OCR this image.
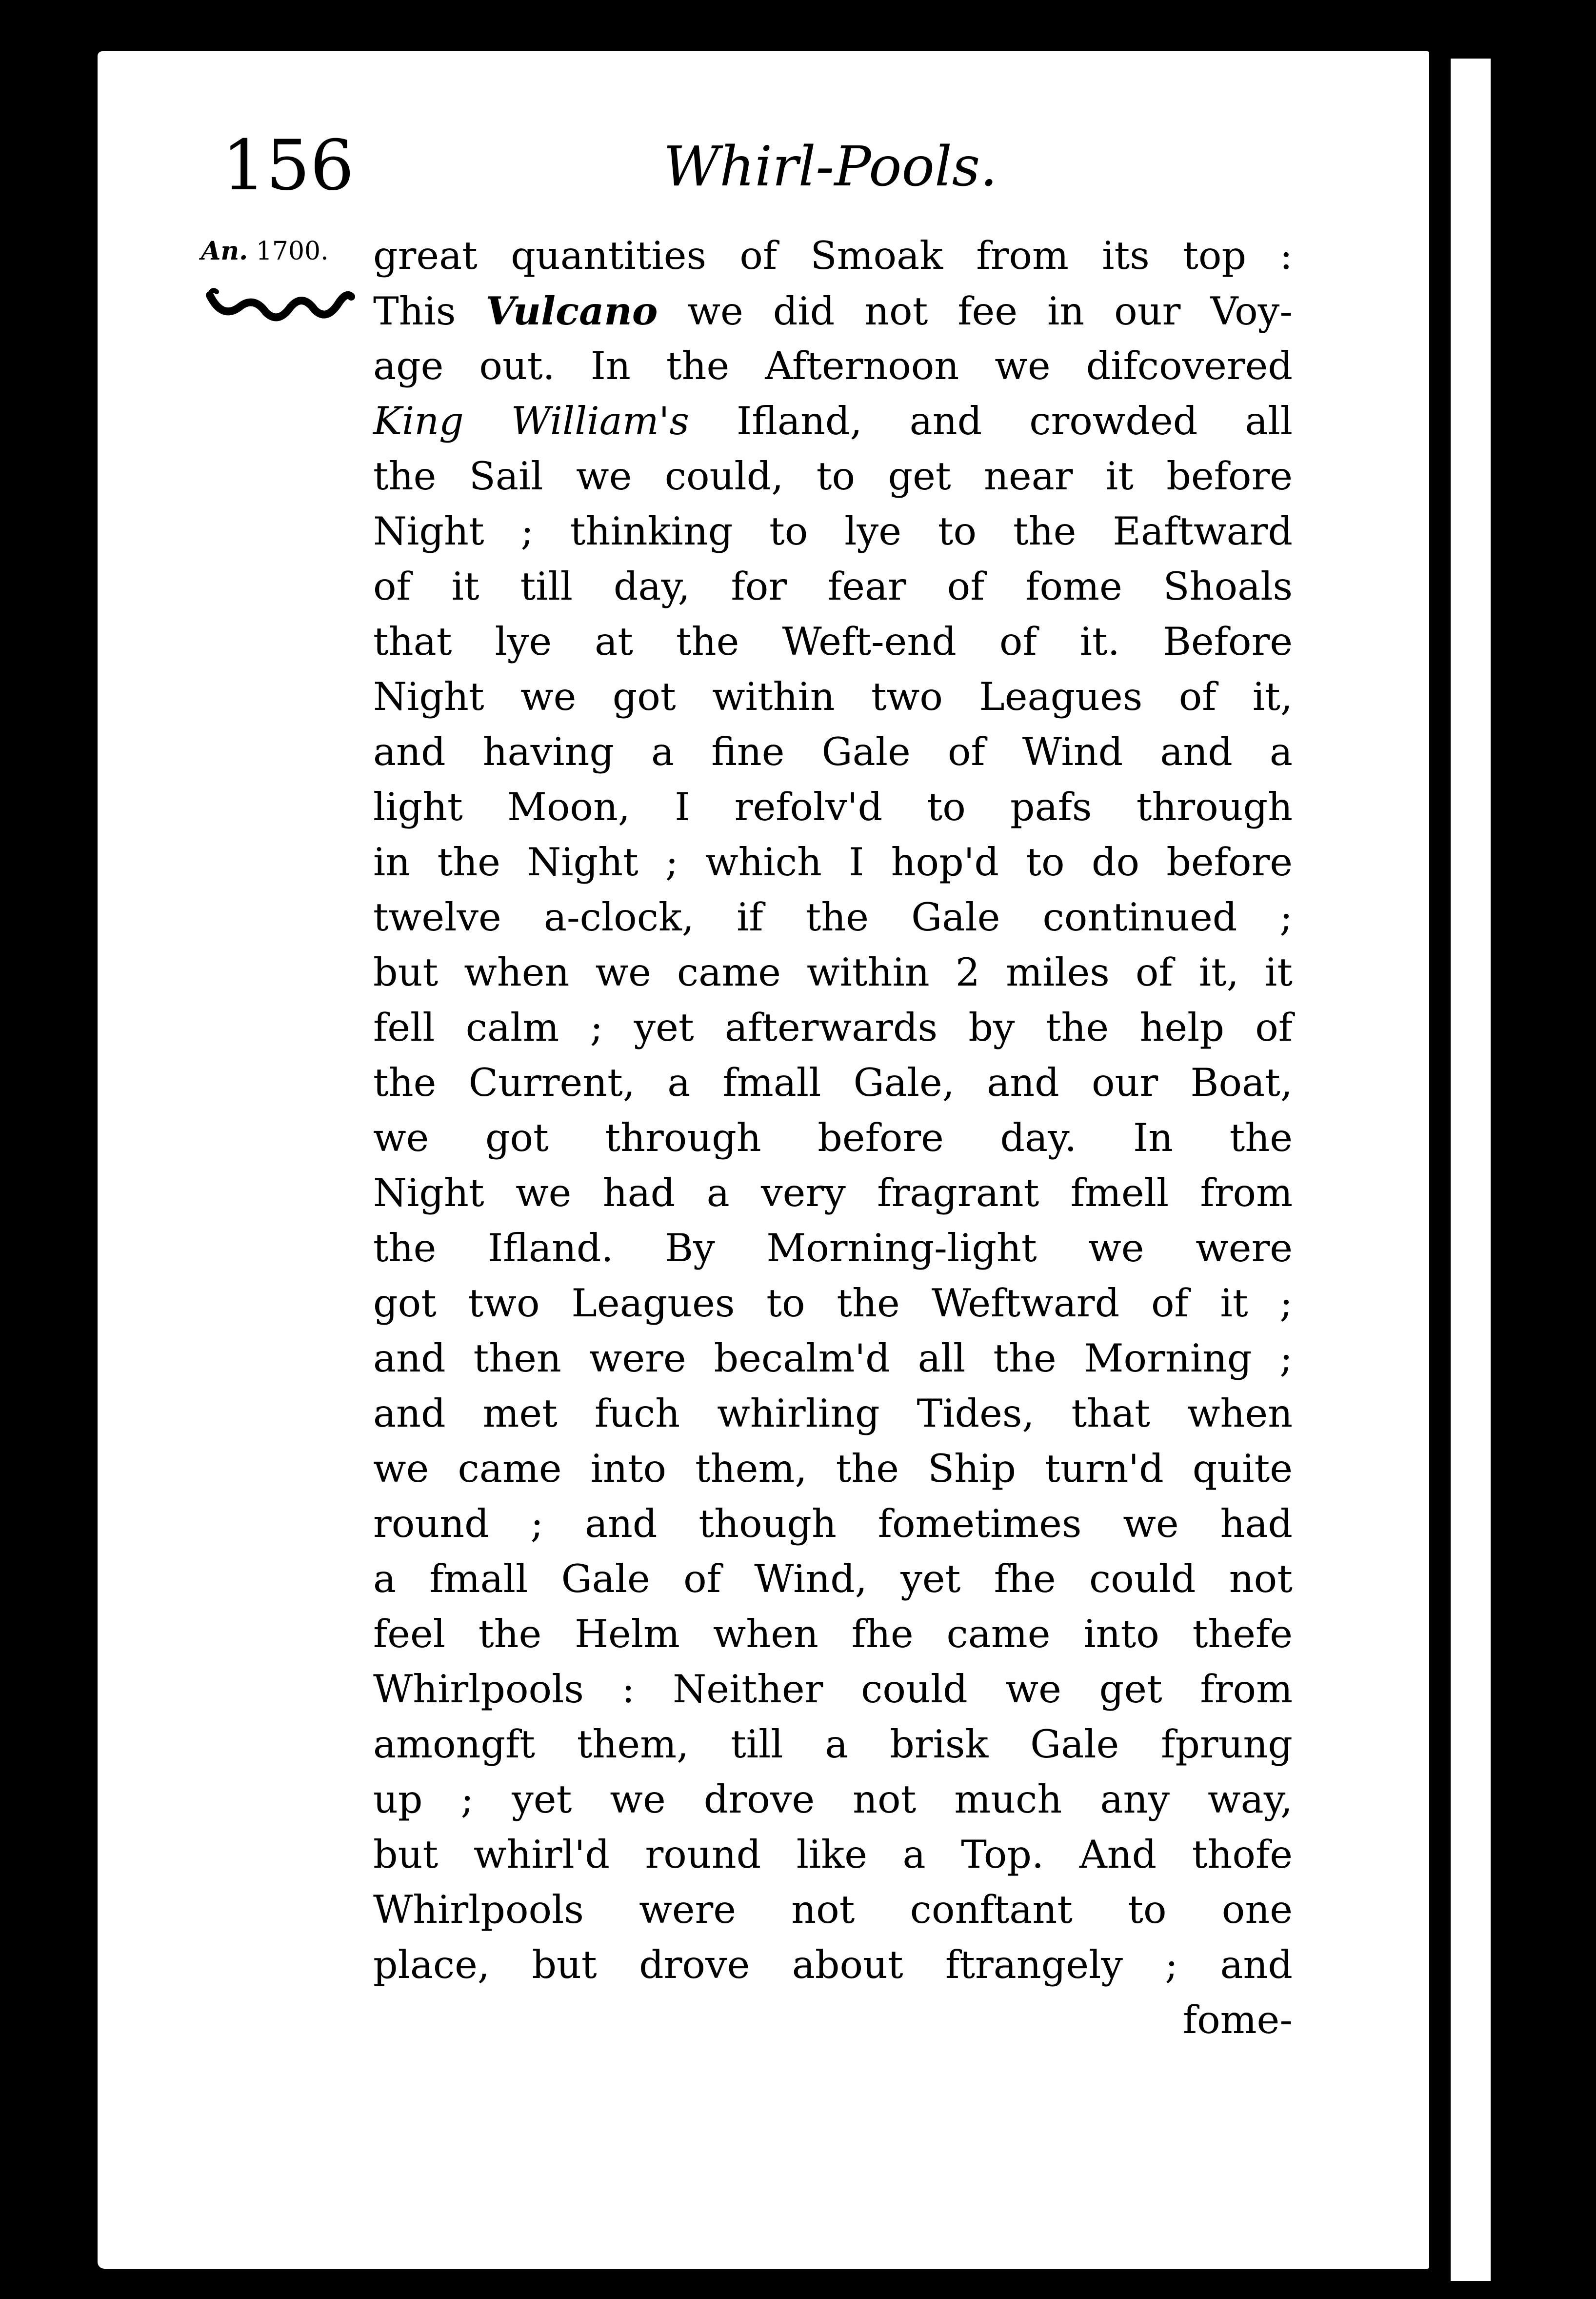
156	Whirl-Pools.
An. 1700. great quantities of Smoak from its top :
This Vulcano we did not fee in our Voy-
age out. In the Afternoon we difcovered
King William's Ifland, and crowded all
the Sail we could, to get near it before
Night ; thinking to lye to the Eaftward
of it till day, for fear of fome Shoals
that lye at the Weft-end of it. Before
Night we got within two Leagues of it,
and having a fine Gale of Wind and a
light Moon, I refolv'd to pafs through
in the Night ; which I hop'd to do before
twelve a-clock, if the Gale continued ;
but when we came within 2 miles of it, it
fell calm ; yet afterwards by the help of
the Current, a fmall Gale, and our Boat,
we got through before day. In the
Night we had a very fragrant fmell from
the Ifland. By Morning-light we were
got two Leagues to the Weftward of it ;
and then were becalm'd all the Morning ;
and met fuch whirling Tides, that when
we came into them, the Ship turn'd quite
round ; and though fometimes we had
a fmall Gale of Wind, yet fhe could not
feel the Helm when fhe came into thefe
Whirlpools : Neither could we get from
amongft them, till a brisk Gale fprung
up ; yet we drove not much any way,
but whirl'd round like a Top. And thofe
Whirlpools were not conftant to one
place, but drove about ftrangely ; and
fome-
